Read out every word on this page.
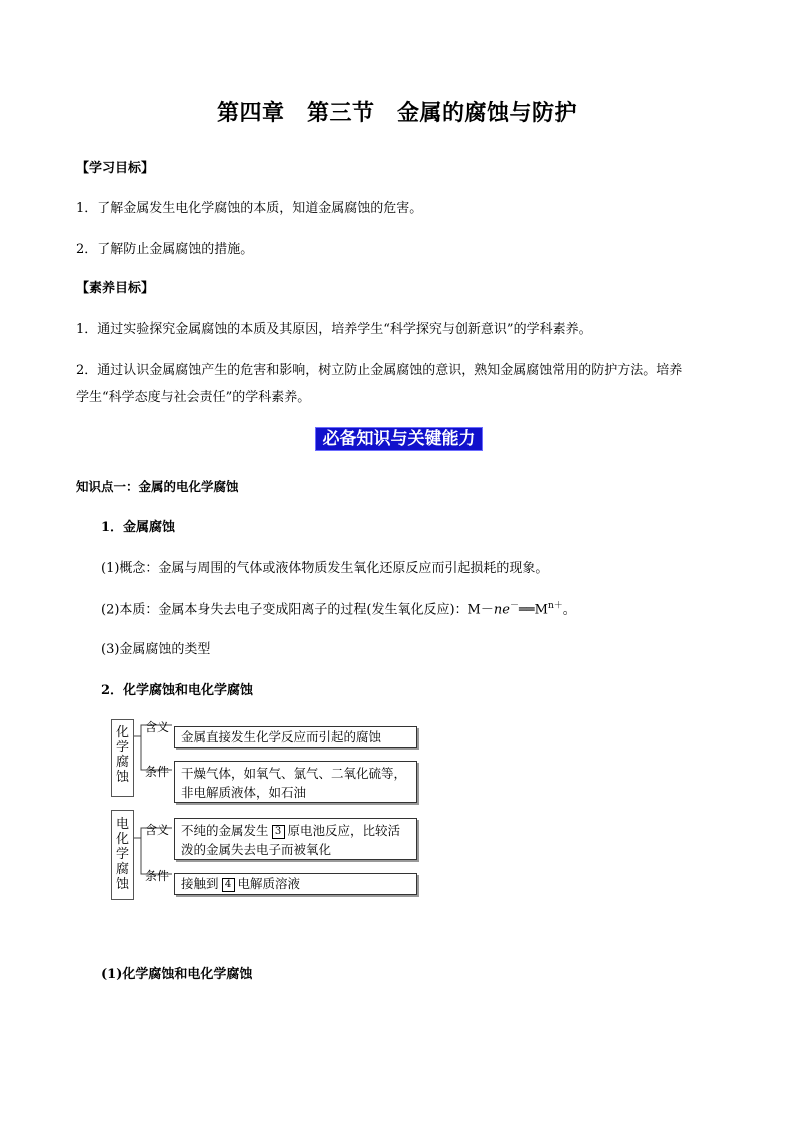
第四章　第三节　金属的腐蚀与防护
【学习目标】
1．了解金属发生电化学腐蚀的本质，知道金属腐蚀的危害。
2．了解防止金属腐蚀的措施。
【素养目标】
1．通过实验探究金属腐蚀的本质及其原因，培养学生“科学探究与创新意识”的学科素养。
2．通过认识金属腐蚀产生的危害和影响，树立防止金属腐蚀的意识，熟知金属腐蚀常用的防护方法。培养
学生“科学态度与社会责任”的学科素养。
必备知识与关键能力
知识点一：金属的电化学腐蚀
1．金属腐蚀
(1)概念：金属与周围的气体或液体物质发生氧化还原反应而引起损耗的现象。
(2)本质：金属本身失去电子变成阳离子的过程(发生氧化反应)：$M-ne^-══M^{n+}$。
(3)金属腐蚀的类型
2．化学腐蚀和电化学腐蚀
化
学
腐
蚀
含义
金属直接发生化学反应而引起的腐蚀
条件 干燥气体，如氧气、氯气、二氧化硫等，
非电解质液体，如石油
电
化
学
腐
蚀
含义 不纯的金属发生 3 原电池反应，比较活
泼的金属失去电子而被氧化
条件 接触到 4 电解质溶液
(1)化学腐蚀和电化学腐蚀
